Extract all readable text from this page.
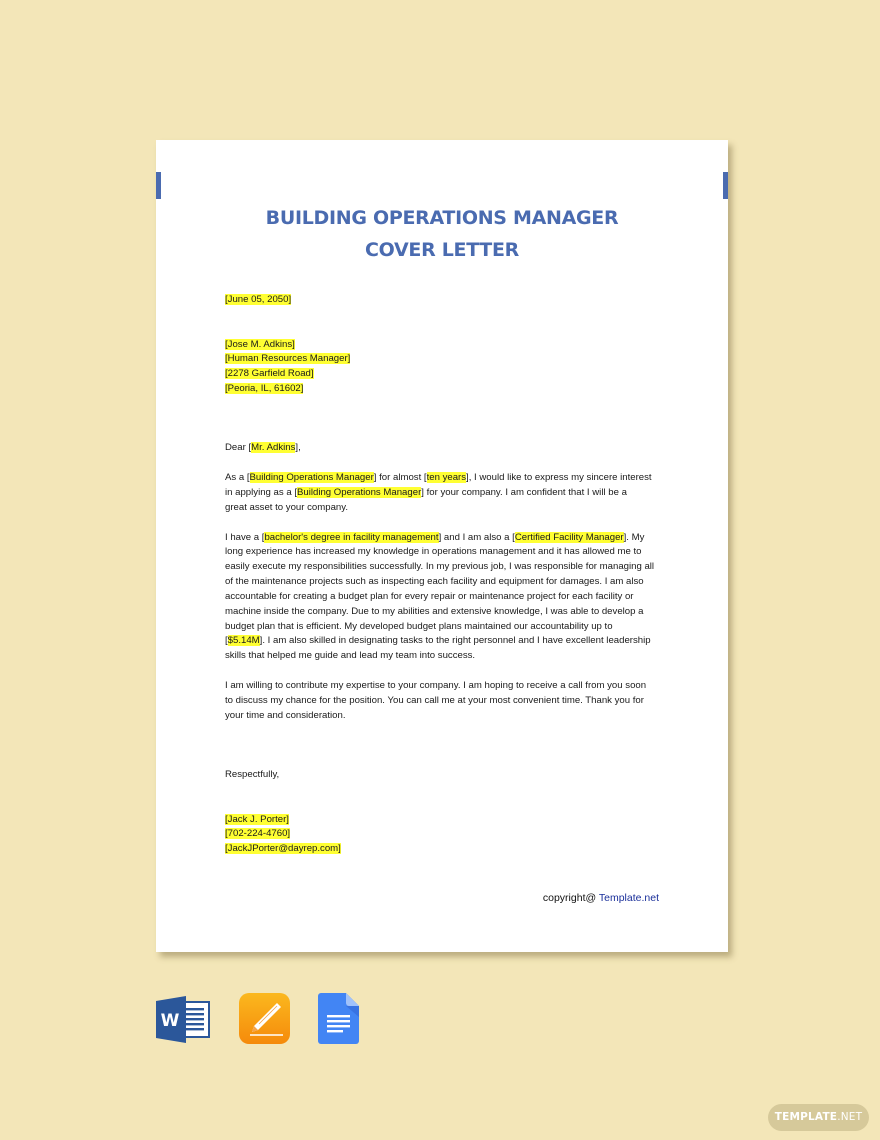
BUILDING OPERATIONS MANAGER
COVER LETTER
[June 05, 2050]
[Jose M. Adkins]
[Human Resources Manager]
[2278 Garfield Road]
[Peoria, IL, 61602]
Dear [Mr. Adkins],
As a [Building Operations Manager] for almost [ten years], I would like to express my sincere interest
in applying as a [Building Operations Manager] for your company. I am confident that I will be a
great asset to your company.
I have a [bachelor's degree in facility management] and I am also a [Certified Facility Manager]. My
long experience has increased my knowledge in operations management and it has allowed me to
easily execute my responsibilities successfully. In my previous job, I was responsible for managing all
of the maintenance projects such as inspecting each facility and equipment for damages. I am also
accountable for creating a budget plan for every repair or maintenance project for each facility or
machine inside the company. Due to my abilities and extensive knowledge, I was able to develop a
budget plan that is efficient. My developed budget plans maintained our accountability up to
[$5.14M]. I am also skilled in designating tasks to the right personnel and I have excellent leadership
skills that helped me guide and lead my team into success.
I am willing to contribute my expertise to your company. I am hoping to receive a call from you soon
to discuss my chance for the position. You can call me at your most convenient time. Thank you for
your time and consideration.
Respectfully,
[Jack J. Porter]
[702-224-4760]
[JackJPorter@dayrep.com]
copyright@ Template.net
W
TEMPLATE.NET
